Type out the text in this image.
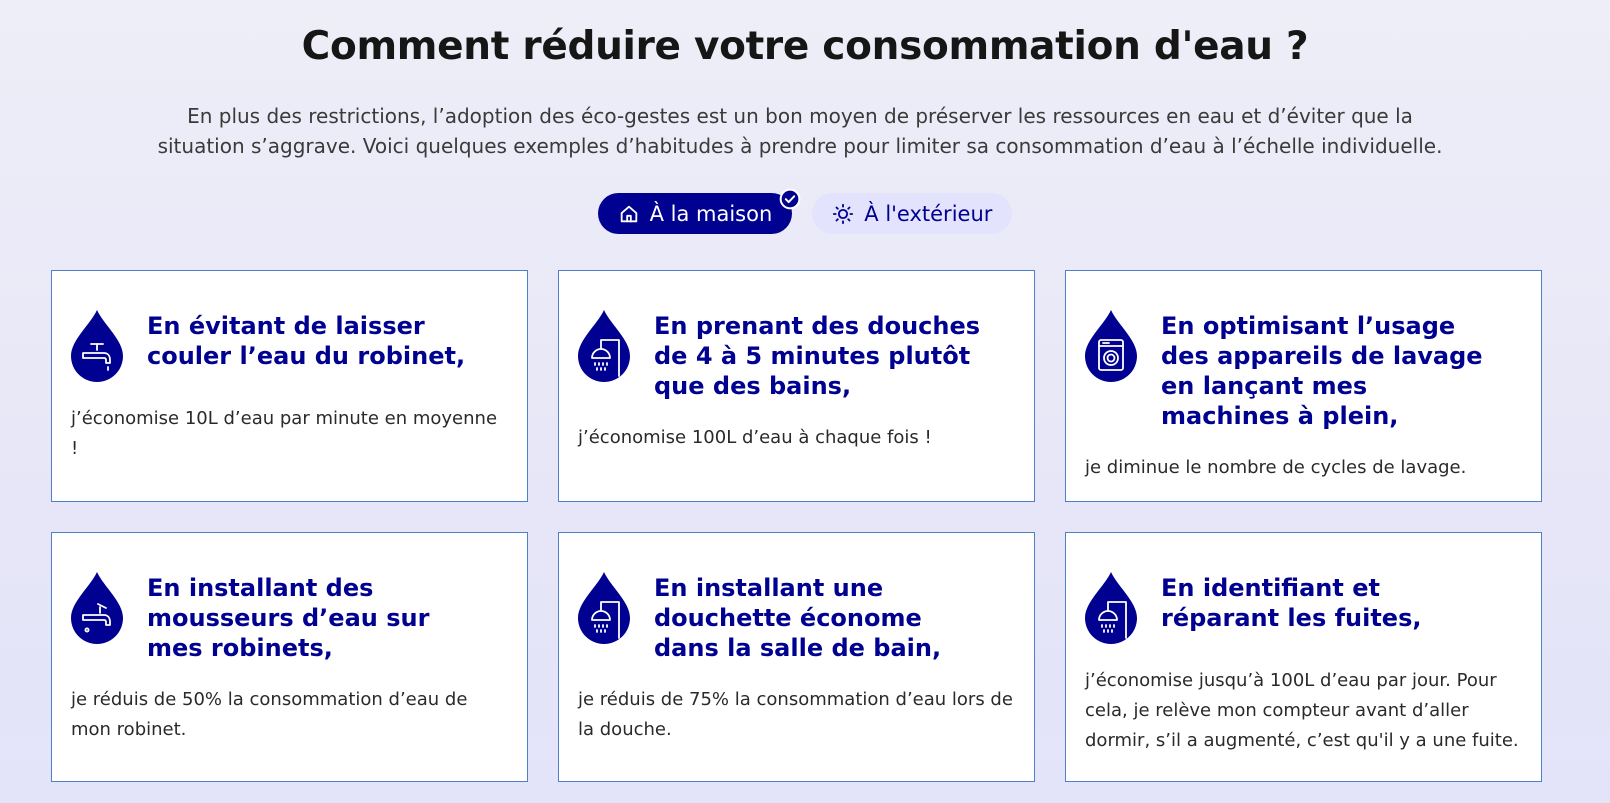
Comment réduire votre consommation d'eau ?

En plus des restrictions, l’adoption des éco-gestes est un bon moyen de préserver les ressources en eau et d’éviter que la situation s’aggrave. Voici quelques exemples d’habitudes à prendre pour limiter sa consommation d’eau à l’échelle individuelle.

À la maison	À l'extérieur
En évitant de laisser couler l’eau du robinet,

j’économise 10L d’eau par minute en moyenne !

En prenant des douches de 4 à 5 minutes plutôt que des bains,

j’économise 100L d’eau à chaque fois !

En optimisant l’usage des appareils de lavage en lançant mes machines à plein,

je diminue le nombre de cycles de lavage.

En installant des mousseurs d’eau sur mes robinets,

je réduis de 50% la consommation d’eau de mon robinet.

En installant une douchette économe dans la salle de bain,

je réduis de 75% la consommation d’eau lors de la douche.

En identifiant et réparant les fuites,

j’économise jusqu’à 100L d’eau par jour. Pour cela, je relève mon compteur avant d’aller dormir, s’il a augmenté, c’est qu'il y a une fuite.
